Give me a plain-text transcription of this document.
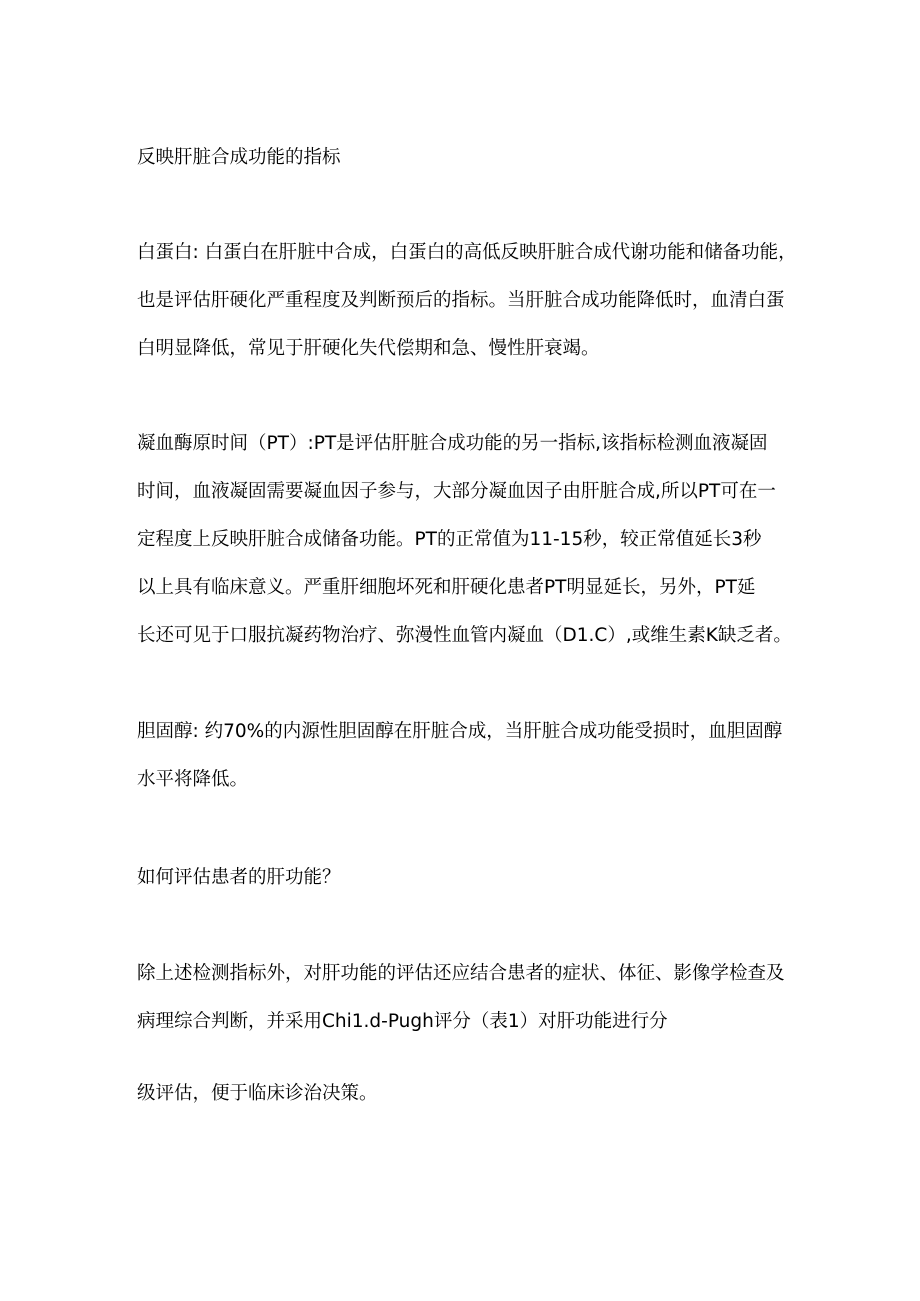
反映肝脏合成功能的指标
白蛋白: 白蛋白在肝脏中合成，白蛋白的高低反映肝脏合成代谢功能和储备功能，
也是评估肝硬化严重程度及判断预后的指标。当肝脏合成功能降低时，血清白蛋
白明显降低，常见于肝硬化失代偿期和急、慢性肝衰竭。
凝血酶原时间（PT）:PT是评估肝脏合成功能的另一指标,该指标检测血液凝固
时间，血液凝固需要凝血因子参与，大部分凝血因子由肝脏合成,所以PT可在一
定程度上反映肝脏合成储备功能。PT的正常值为11-15秒，较正常值延长3秒
以上具有临床意义。严重肝细胞坏死和肝硬化患者PT明显延长，另外，PT延
长还可见于口服抗凝药物治疗、弥漫性血管内凝血（D1.C）,或维生素K缺乏者。
胆固醇: 约70%的内源性胆固醇在肝脏合成，当肝脏合成功能受损时，血胆固醇
水平将降低。
如何评估患者的肝功能？
除上述检测指标外，对肝功能的评估还应结合患者的症状、体征、影像学检查及
病理综合判断，并采用Chi1.d-Pugh评分（表1）对肝功能进行分
级评估，便于临床诊治决策。
